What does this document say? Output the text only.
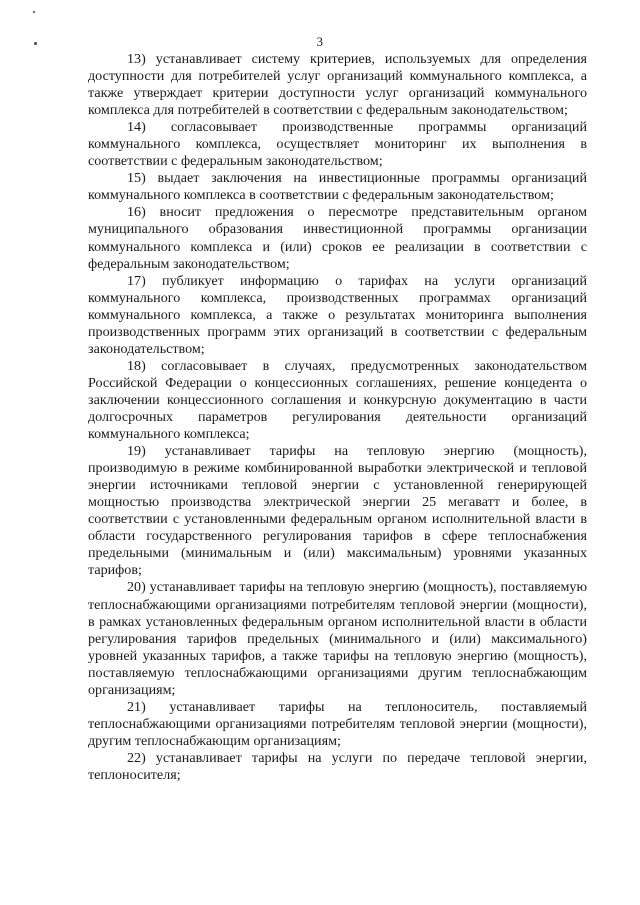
3

13) устанавливает систему критериев, используемых для определения доступности для потребителей услуг организаций коммунального комплекса, а также утверждает критерии доступности услуг организаций коммунального комплекса для потребителей в соответствии с федеральным законодательством;

14) согласовывает производственные программы организаций коммунального комплекса, осуществляет мониторинг их выполнения в соответствии с федеральным законодательством;

15) выдает заключения на инвестиционные программы организаций коммунального комплекса в соответствии с федеральным законодательством;

16) вносит предложения о пересмотре представительным органом муниципального образования инвестиционной программы организации коммунального комплекса и (или) сроков ее реализации в соответствии с федеральным законодательством;

17) публикует информацию о тарифах на услуги организаций коммунального комплекса, производственных программах организаций коммунального комплекса, а также о результатах мониторинга выполнения производственных программ этих организаций в соответствии с федеральным законодательством;

18) согласовывает в случаях, предусмотренных законодательством Российской Федерации о концессионных соглашениях, решение концедента о заключении концессионного соглашения и конкурсную документацию в части долгосрочных параметров регулирования деятельности организаций коммунального комплекса;

19) устанавливает тарифы на тепловую энергию (мощность), производимую в режиме комбинированной выработки электрической и тепловой энергии источниками тепловой энергии с установленной генерирующей мощностью производства электрической энергии 25 мегаватт и более, в соответствии с установленными федеральным органом исполнительной власти в области государственного регулирования тарифов в сфере теплоснабжения предельными (минимальным и (или) максимальным) уровнями указанных тарифов;

20) устанавливает тарифы на тепловую энергию (мощность), поставляемую теплоснабжающими организациями потребителям тепловой энергии (мощности), в рамках установленных федеральным органом исполнительной власти в области регулирования тарифов предельных (минимального и (или) максимального) уровней указанных тарифов, а также тарифы на тепловую энергию (мощность), поставляемую теплоснабжающими организациями другим теплоснабжающим организациям;

21) устанавливает тарифы на теплоноситель, поставляемый теплоснабжающими организациями потребителям тепловой энергии (мощности), другим теплоснабжающим организациям;

22) устанавливает тарифы на услуги по передаче тепловой энергии, теплоносителя;
